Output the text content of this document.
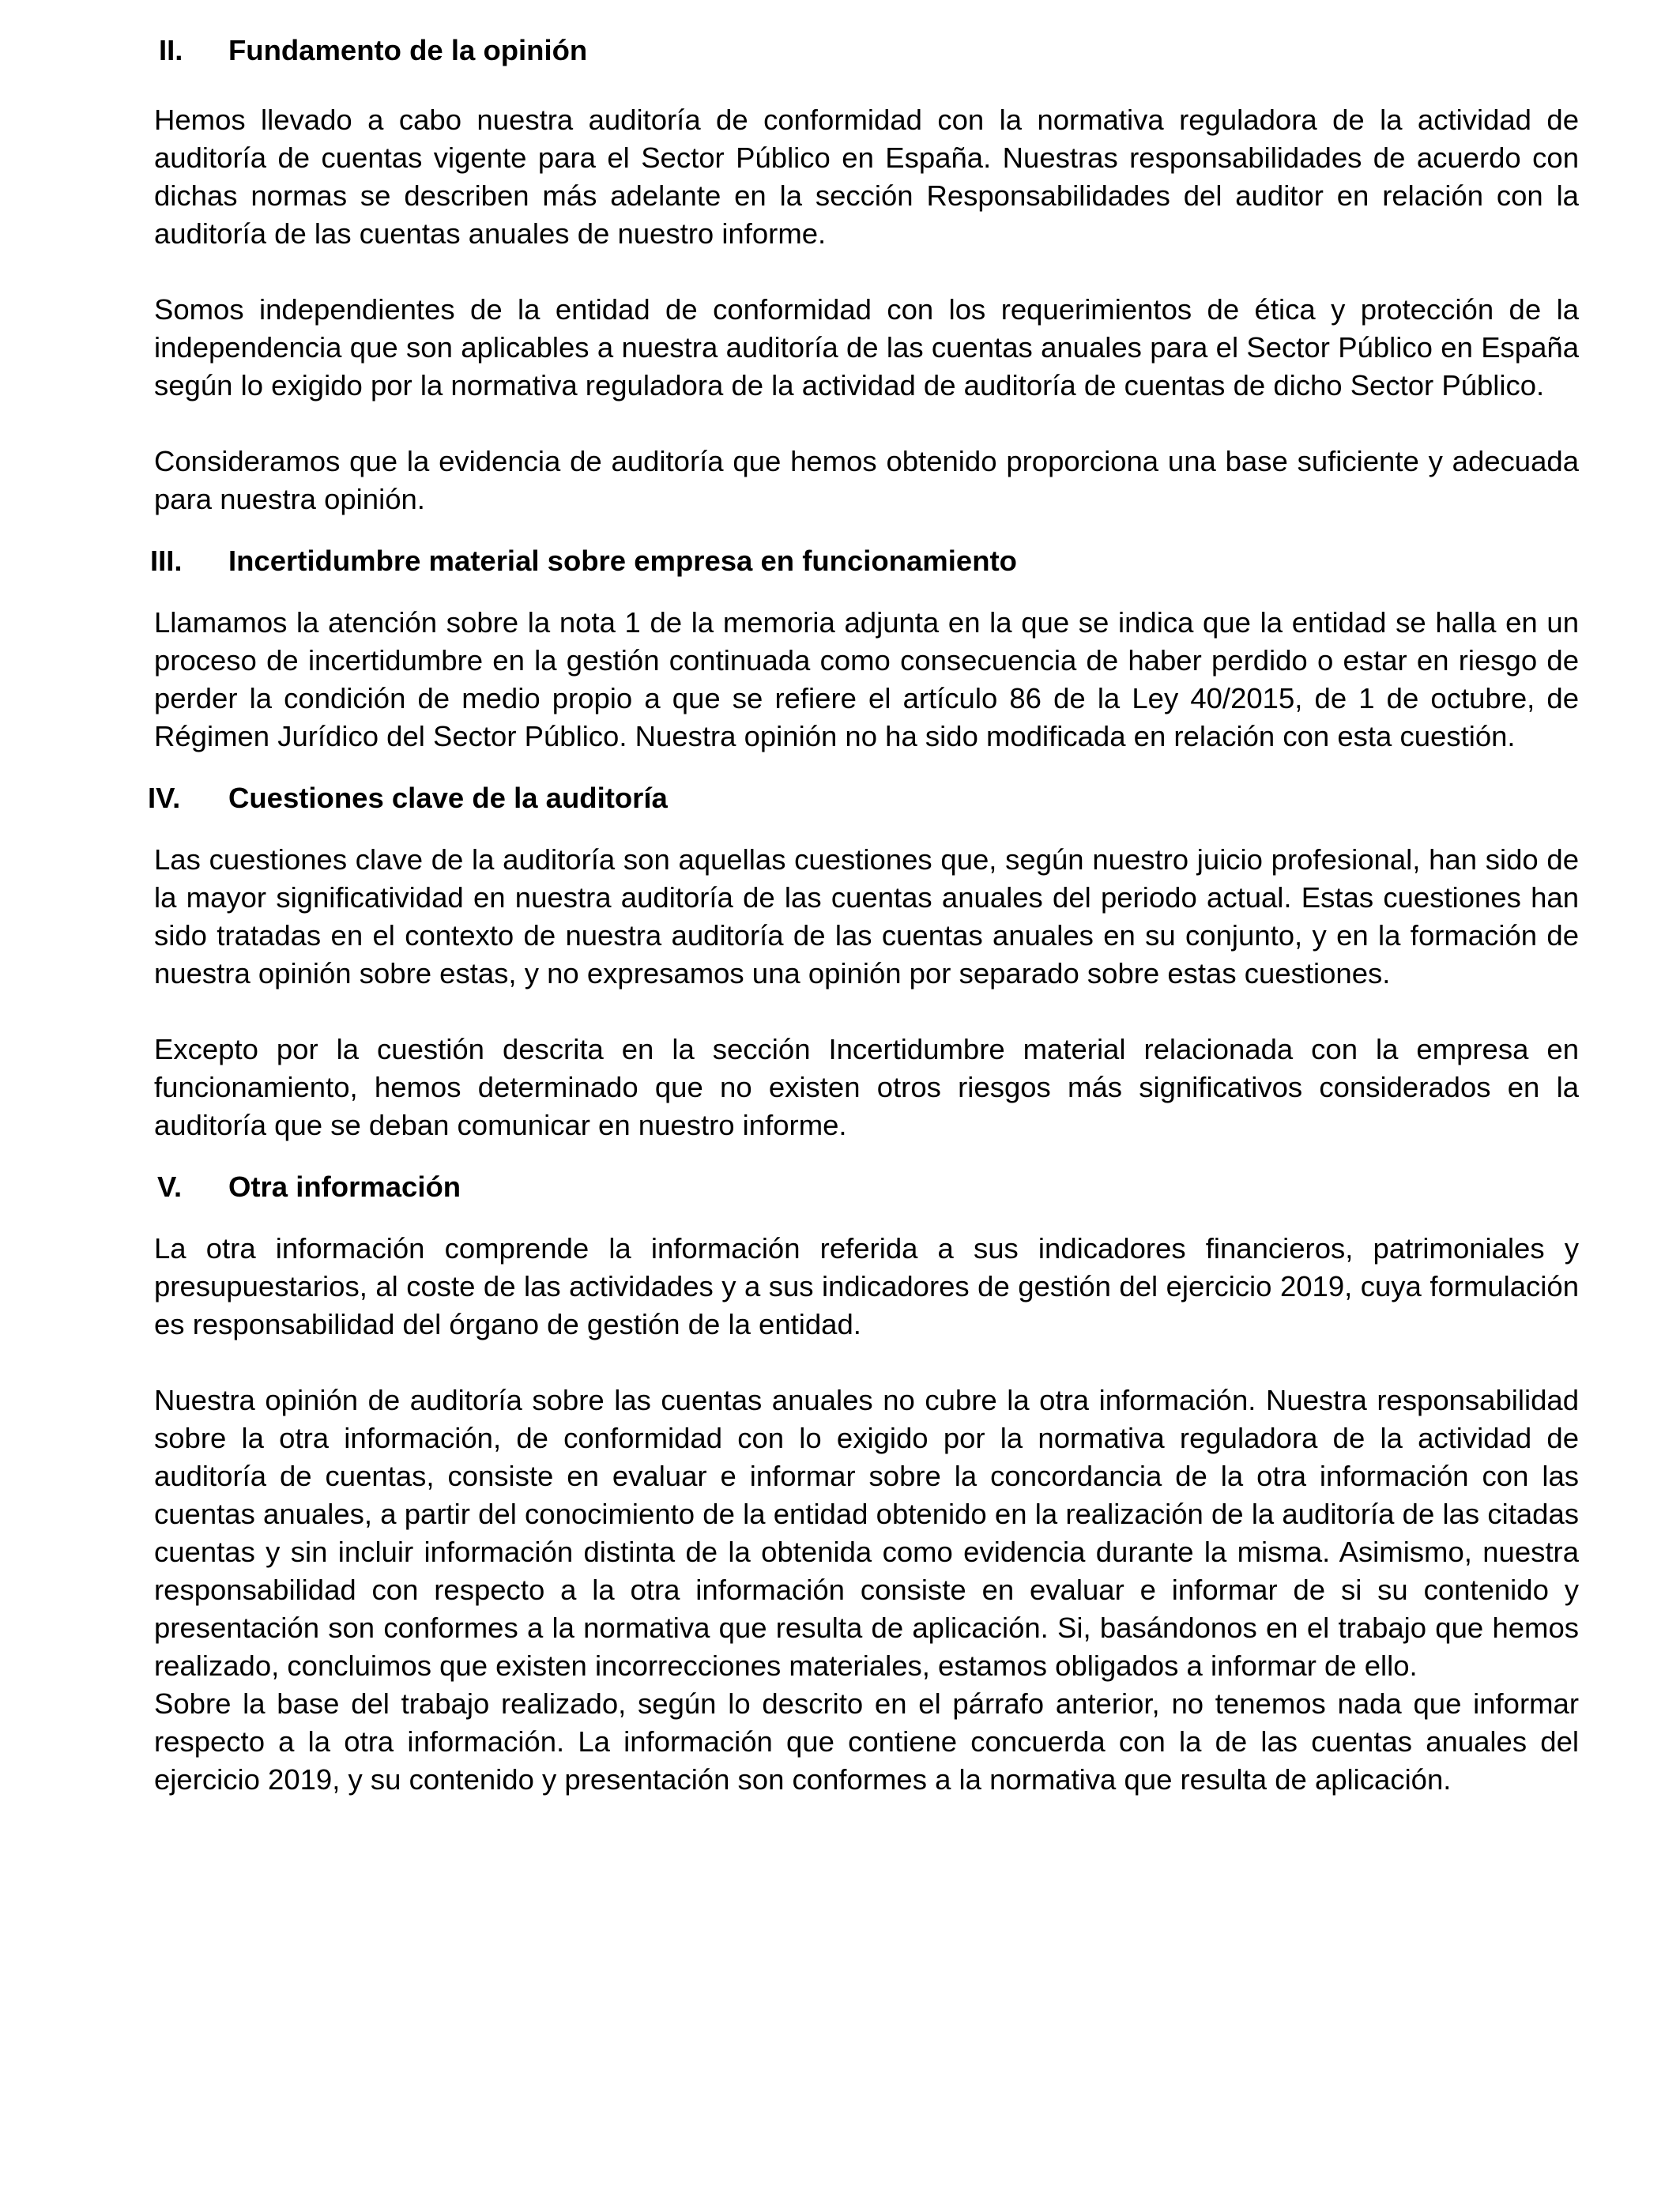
II.	Fundamento de la opinión

Hemos llevado a cabo nuestra auditoría de conformidad con la normativa reguladora de la actividad de auditoría de cuentas vigente para el Sector Público en España. Nuestras responsabilidades de acuerdo con dichas normas se describen más adelante en la sección Responsabilidades del auditor en relación con la auditoría de las cuentas anuales de nuestro informe.

Somos independientes de la entidad de conformidad con los requerimientos de ética y protección de la independencia que son aplicables a nuestra auditoría de las cuentas anuales para el Sector Público en España según lo exigido por la normativa reguladora de la actividad de auditoría de cuentas de dicho Sector Público.

Consideramos que la evidencia de auditoría que hemos obtenido proporciona una base suficiente y adecuada para nuestra opinión.

III.	Incertidumbre material sobre empresa en funcionamiento

Llamamos la atención sobre la nota 1 de la memoria adjunta en la que se indica que la entidad se halla en un proceso de incertidumbre en la gestión continuada como consecuencia de haber perdido o estar en riesgo de perder la condición de medio propio a que se refiere el artículo 86 de la Ley 40/2015, de 1 de octubre, de Régimen Jurídico del Sector Público. Nuestra opinión no ha sido modificada en relación con esta cuestión.

IV.	Cuestiones clave de la auditoría

Las cuestiones clave de la auditoría son aquellas cuestiones que, según nuestro juicio profesional, han sido de la mayor significatividad en nuestra auditoría de las cuentas anuales del periodo actual. Estas cuestiones han sido tratadas en el contexto de nuestra auditoría de las cuentas anuales en su conjunto, y en la formación de nuestra opinión sobre estas, y no expresamos una opinión por separado sobre estas cuestiones.

Excepto por la cuestión descrita en la sección Incertidumbre material relacionada con la empresa en funcionamiento, hemos determinado que no existen otros riesgos más significativos considerados en la auditoría que se deban comunicar en nuestro informe.

V.	Otra información

La otra información comprende la información referida a sus indicadores financieros, patrimoniales y presupuestarios, al coste de las actividades y a sus indicadores de gestión del ejercicio 2019, cuya formulación es responsabilidad del órgano de gestión de la entidad.

Nuestra opinión de auditoría sobre las cuentas anuales no cubre la otra información. Nuestra responsabilidad sobre la otra información, de conformidad con lo exigido por la normativa reguladora de la actividad de auditoría de cuentas, consiste en evaluar e informar sobre la concordancia de la otra información con las cuentas anuales, a partir del conocimiento de la entidad obtenido en la realización de la auditoría de las citadas cuentas y sin incluir información distinta de la obtenida como evidencia durante la misma. Asimismo, nuestra responsabilidad con respecto a la otra información consiste en evaluar e informar de si su contenido y presentación son conformes a la normativa que resulta de aplicación. Si, basándonos en el trabajo que hemos realizado, concluimos que existen incorrecciones materiales, estamos obligados a informar de ello.

Sobre la base del trabajo realizado, según lo descrito en el párrafo anterior, no tenemos nada que informar respecto a la otra información. La información que contiene concuerda con la de las cuentas anuales del ejercicio 2019, y su contenido y presentación son conformes a la normativa que resulta de aplicación.
